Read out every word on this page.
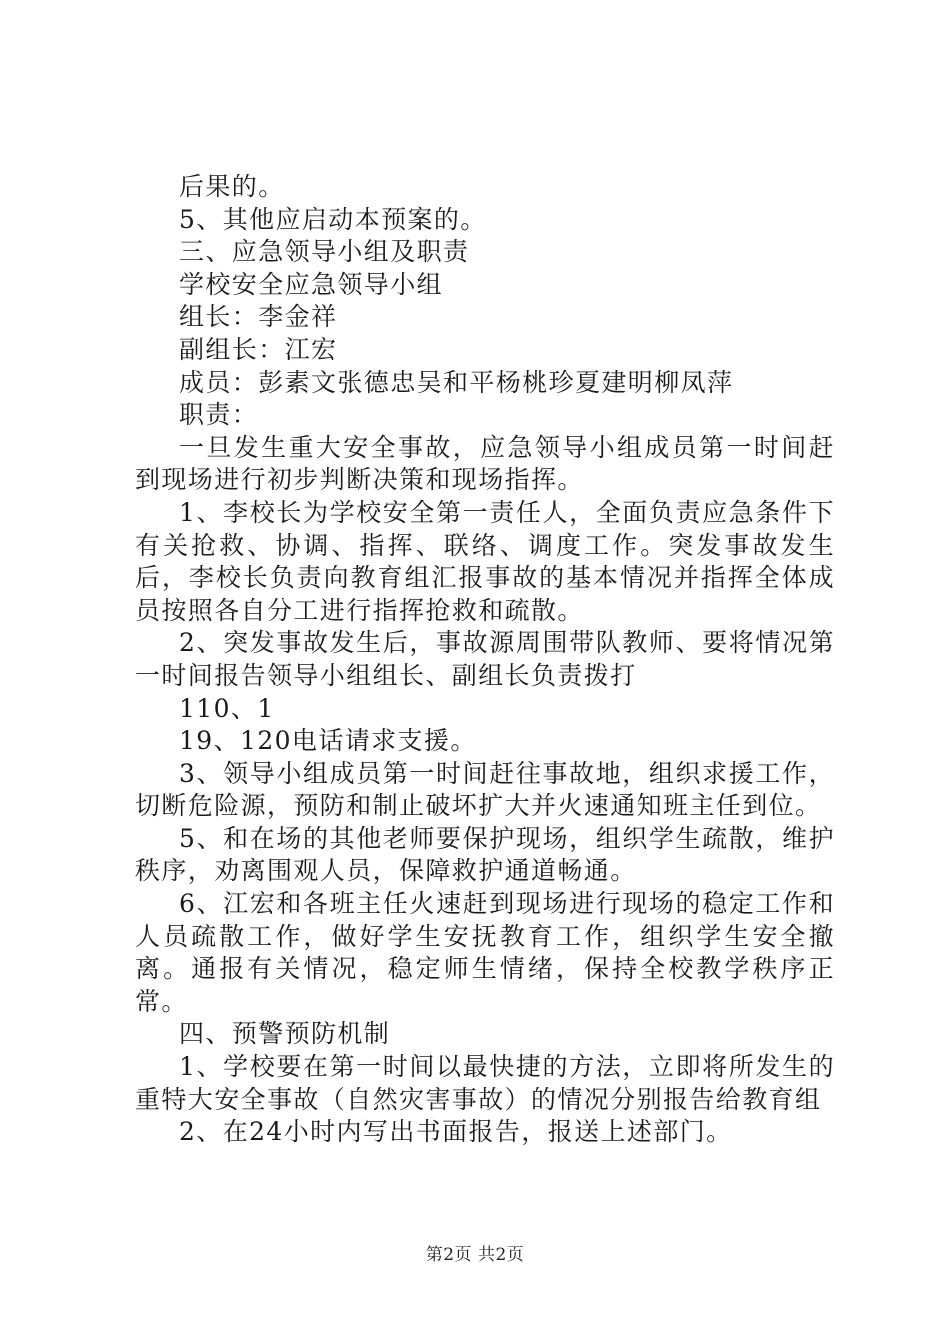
后果的。

5、其他应启动本预案的。

三、应急领导小组及职责

学校安全应急领导小组

组长：李金祥

副组长：江宏

成员：彭素文张德忠吴和平杨桃珍夏建明柳凤萍

职责：

一旦发生重大安全事故，应急领导小组成员第一时间赶到现场进行初步判断决策和现场指挥。

1、李校长为学校安全第一责任人，全面负责应急条件下有关抢救、协调、指挥、联络、调度工作。突发事故发生后，李校长负责向教育组汇报事故的基本情况并指挥全体成员按照各自分工进行指挥抢救和疏散。

2、突发事故发生后，事故源周围带队教师、要将情况第一时间报告领导小组组长、副组长负责拨打

110、1

19、120电话请求支援。

3、领导小组成员第一时间赶往事故地，组织求援工作，切断危险源，预防和制止破坏扩大并火速通知班主任到位。

5、和在场的其他老师要保护现场，组织学生疏散，维护秩序，劝离围观人员，保障救护通道畅通。

6、江宏和各班主任火速赶到现场进行现场的稳定工作和人员疏散工作，做好学生安抚教育工作，组织学生安全撤离。通报有关情况，稳定师生情绪，保持全校教学秩序正常。

四、预警预防机制

1、学校要在第一时间以最快捷的方法，立即将所发生的重特大安全事故（自然灾害事故）的情况分别报告给教育组

2、在24小时内写出书面报告，报送上述部门。

第2页 共2页
